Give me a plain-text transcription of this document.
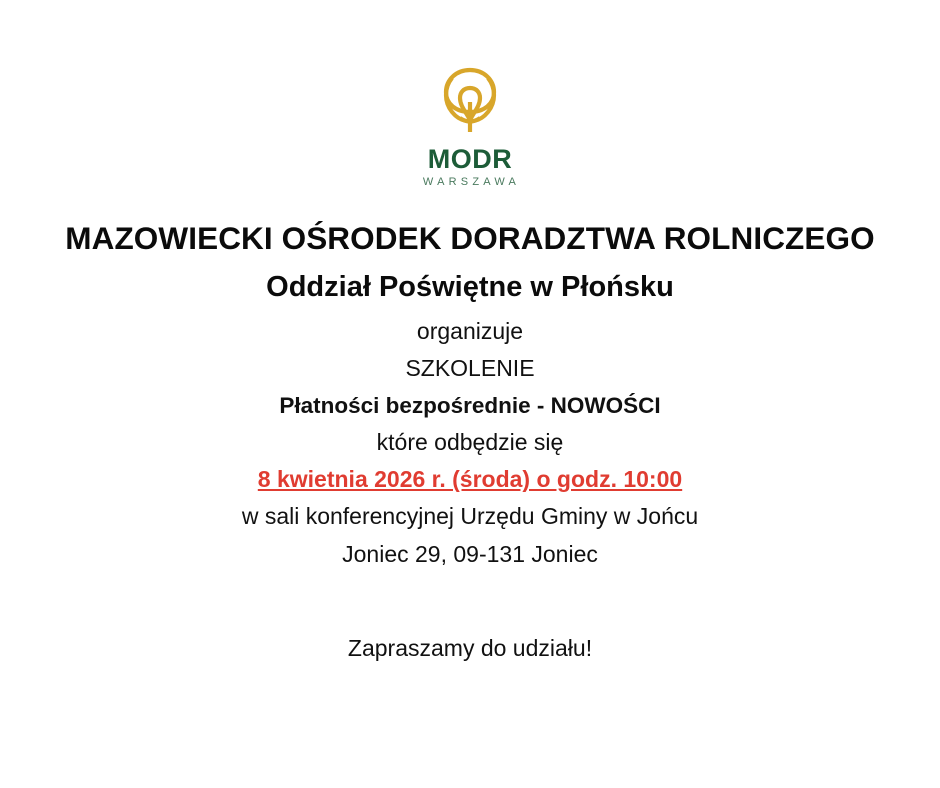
MODR
WARSZAWA
MAZOWIECKI OŚRODEK DORADZTWA ROLNICZEGO
Oddział Poświętne w Płońsku
organizuje
SZKOLENIE
Płatności bezpośrednie - NOWOŚCI
które odbędzie się
8 kwietnia 2026 r. (środa) o godz. 10:00
w sali konferencyjnej Urzędu Gminy w Jońcu
Joniec 29, 09-131 Joniec
Zapraszamy do udziału!
